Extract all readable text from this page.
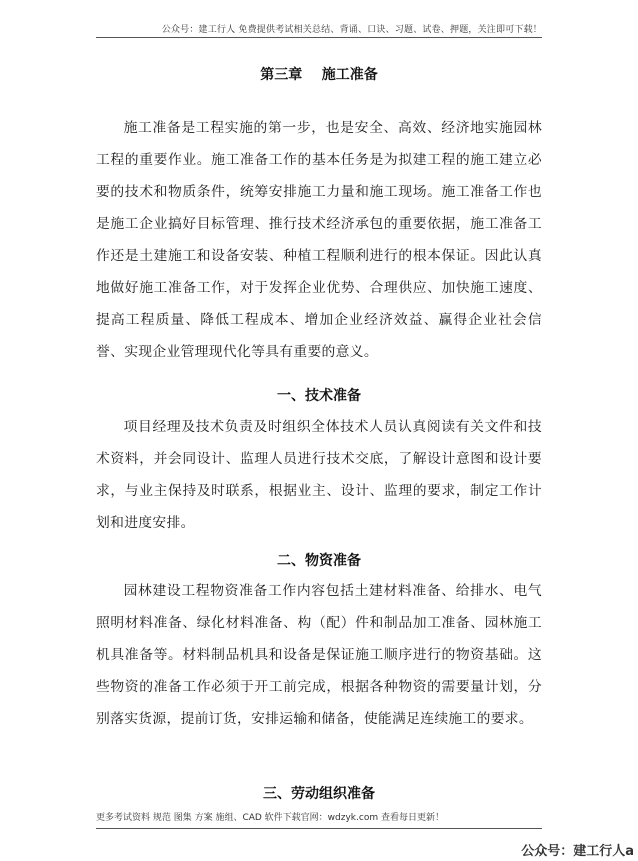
公众号：建工行人 免费提供考试相关总结、背诵、口诀、习题、试卷、押题，关注即可下载！
第三章    施工准备

施工准备是工程实施的第一步，也是安全、高效、经济地实施园林工程的重要作业。施工准备工作的基本任务是为拟建工程的施工建立必要的技术和物质条件，统筹安排施工力量和施工现场。施工准备工作也是施工企业搞好目标管理、推行技术经济承包的重要依据，施工准备工作还是土建施工和设备安装、种植工程顺利进行的根本保证。因此认真地做好施工准备工作，对于发挥企业优势、合理供应、加快施工速度、提高工程质量、降低工程成本、增加企业经济效益、赢得企业社会信誉、实现企业管理现代化等具有重要的意义。

一、技术准备

项目经理及技术负责及时组织全体技术人员认真阅读有关文件和技术资料，并会同设计、监理人员进行技术交底，了解设计意图和设计要求，与业主保持及时联系，根据业主、设计、监理的要求，制定工作计划和进度安排。

二、物资准备

园林建设工程物资准备工作内容包括土建材料准备、给排水、电气照明材料准备、绿化材料准备、构（配）件和制品加工准备、园林施工机具准备等。材料制品机具和设备是保证施工顺序进行的物资基础。这些物资的准备工作必须于开工前完成，根据各种物资的需要量计划，分别落实货源，提前订货，安排运输和储备，使能满足连续施工的要求。

三、劳动组织准备
更多考试资料 规范 图集 方案 施组、CAD 软件下载官网：wdzyk.com 查看每日更新！
公众号：建工行人a
